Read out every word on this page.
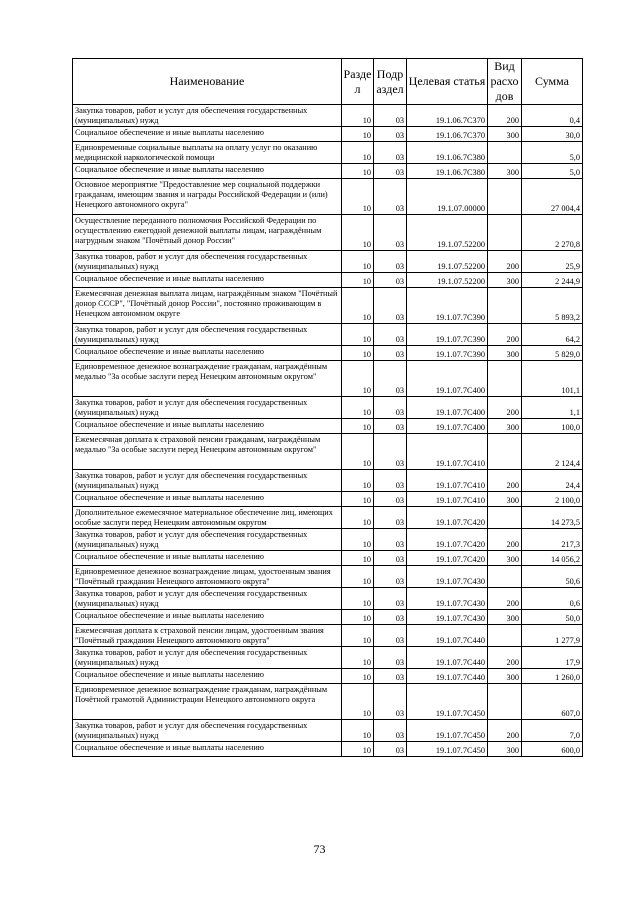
Наименование	Разде л	Подр аздел	Целевая статья	Вид расхо дов	Сумма
Закупка товаров, работ и услуг для обеспечения государственных (муниципальных) нужд	10	03	19.1.06.7С370	200	0,4
Социальное обеспечение и иные выплаты населению	10	03	19.1.06.7С370	300	30,0
Единовременные социальные выплаты на оплату услуг по оказанию медицинской наркологической помощи	10	03	19.1.06.7С380		5,0
Социальное обеспечение и иные выплаты населению	10	03	19.1.06.7С380	300	5,0
Основное мероприятие "Предоставление мер социальной поддержки гражданам, имеющим звания и награды Российской Федерации и (или) Ненецкого автономного округа"	10	03	19.1.07.00000		27 004,4
Осуществление переданного полномочия Российской Федерации по осуществлению ежегодной денежной выплаты лицам, награждённым нагрудным знаком "Почётный донор России"	10	03	19.1.07.52200		2 270,8
Закупка товаров, работ и услуг для обеспечения государственных (муниципальных) нужд	10	03	19.1.07.52200	200	25,9
Социальное обеспечение и иные выплаты населению	10	03	19.1.07.52200	300	2 244,9
Ежемесячная денежная выплата лицам, награждённым знаком "Почётный донор СССР", "Почётный донор России", постоянно проживающим в Ненецком автономном округе	10	03	19.1.07.7С390		5 893,2
Закупка товаров, работ и услуг для обеспечения государственных (муниципальных) нужд	10	03	19.1.07.7С390	200	64,2
Социальное обеспечение и иные выплаты населению	10	03	19.1.07.7С390	300	5 829,0
Единовременное денежное вознаграждение гражданам, награждённым медалью "За особые заслуги перед Ненецким автономным округом"	10	03	19.1.07.7С400		101,1
Закупка товаров, работ и услуг для обеспечения государственных (муниципальных) нужд	10	03	19.1.07.7С400	200	1,1
Социальное обеспечение и иные выплаты населению	10	03	19.1.07.7С400	300	100,0
Ежемесячная доплата к страховой пенсии гражданам, награждённым медалью "За особые заслуги перед Ненецким автономным округом"	10	03	19.1.07.7С410		2 124,4
Закупка товаров, работ и услуг для обеспечения государственных (муниципальных) нужд	10	03	19.1.07.7С410	200	24,4
Социальное обеспечение и иные выплаты населению	10	03	19.1.07.7С410	300	2 100,0
Дополнительное ежемесячное материальное обеспечение лиц, имеющих особые заслуги перед Ненецким автономным округом	10	03	19.1.07.7С420		14 273,5
Закупка товаров, работ и услуг для обеспечения государственных (муниципальных) нужд	10	03	19.1.07.7С420	200	217,3
Социальное обеспечение и иные выплаты населению	10	03	19.1.07.7С420	300	14 056,2
Единовременное денежное вознаграждение лицам, удостоенным звания "Почётный гражданин Ненецкого автономного округа"	10	03	19.1.07.7С430		50,6
Закупка товаров, работ и услуг для обеспечения государственных (муниципальных) нужд	10	03	19.1.07.7С430	200	0,6
Социальное обеспечение и иные выплаты населению	10	03	19.1.07.7С430	300	50,0
Ежемесячная доплата к страховой пенсии лицам, удостоенным звания "Почётный гражданин Ненецкого автономного округа"	10	03	19.1.07.7С440		1 277,9
Закупка товаров, работ и услуг для обеспечения государственных (муниципальных) нужд	10	03	19.1.07.7С440	200	17,9
Социальное обеспечение и иные выплаты населению	10	03	19.1.07.7С440	300	1 260,0
Единовременное денежное вознаграждение гражданам, награждённым Почётной грамотой Администрации Ненецкого автономного округа	10	03	19.1.07.7С450		607,0
Закупка товаров, работ и услуг для обеспечения государственных (муниципальных) нужд	10	03	19.1.07.7С450	200	7,0
Социальное обеспечение и иные выплаты населению	10	03	19.1.07.7С450	300	600,0
73
